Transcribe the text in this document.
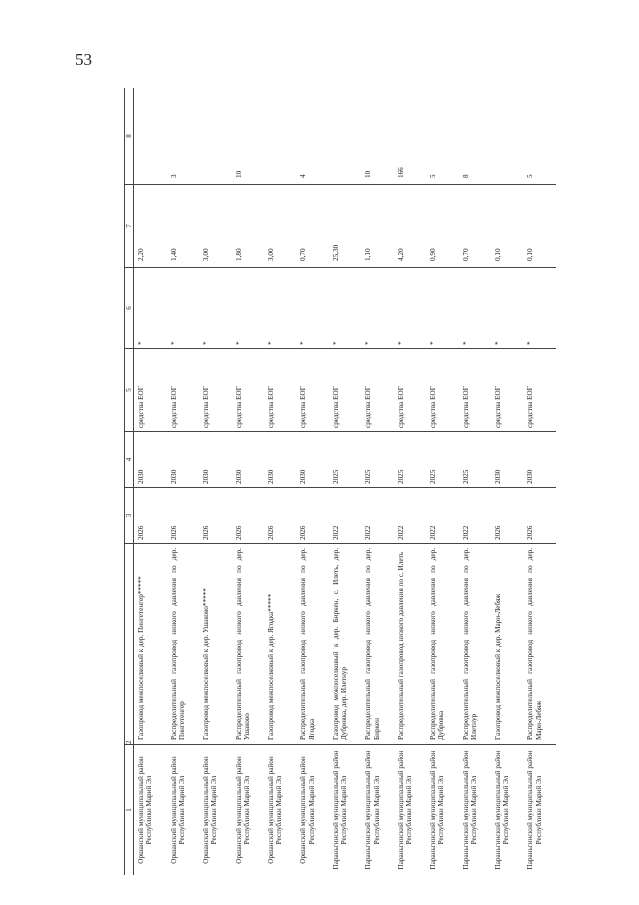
53
1	2	3	4	5	6	7	8
Оршанский муниципальный район Республики Марий Эл	Газопровод межпоселковый к дер. Пингетенгер*****	2026	2030	средства ЕОГ	*	2,20	
Оршанский муниципальный район Республики Марий Эл	Распределительный газопровод низкого давления по дер. Пингетенгер	2026	2030	средства ЕОГ	*	1,40	3
Оршанский муниципальный район Республики Марий Эл	Газопровод межпоселковый к дер. Ушаково*****	2026	2030	средства ЕОГ	*	3,00	
Оршанский муниципальный район Республики Марий Эл	Распределительный газопровод низкого давления по дер. Ушаково	2026	2030	средства ЕОГ	*	1,80	10
Оршанский муниципальный район Республики Марий Эл	Газопровод межпоселковый к дер. Ягодка*****	2026	2030	средства ЕОГ	*	3,00	
Оршанский муниципальный район Республики Марий Эл	Распределительный газопровод низкого давления по дер. Ягодка	2026	2030	средства ЕОГ	*	0,70	4
Параньгинский муниципальный район Республики Марий Эл	Газопровод межпоселковый к дер. Биркен, с. Илеть, дер. Дубровка, дер. Илетнур	2022	2025	средства ЕОГ	*	25,30	
Параньгинский муниципальный район Республики Марий Эл	Распределительный газопровод низкого давления по дер. Биркен	2022	2025	средства ЕОГ	*	1,10	10
Параньгинский муниципальный район Республики Марий Эл	Распределительный газопровод низкого давления по с. Илеть	2022	2025	средства ЕОГ	*	4,20	166
Параньгинский муниципальный район Республики Марий Эл	Распределительный газопровод низкого давления по дер. Дубровка	2022	2025	средства ЕОГ	*	0,90	5
Параньгинский муниципальный район Республики Марий Эл	Распределительный газопровод низкого давления по дер. Илетнур	2022	2025	средства ЕОГ	*	0,70	8
Параньгинский муниципальный район Республики Марий Эл	Газопровод межпоселковый к дер. Мари-Лебяж	2026	2030	средства ЕОГ	*	0,10	
Параньгинский муниципальный район Республики Марий Эл	Распределительный газопровод низкого давления по дер. Мари-Лебяж	2026	2030	средства ЕОГ	*	0,10	5
